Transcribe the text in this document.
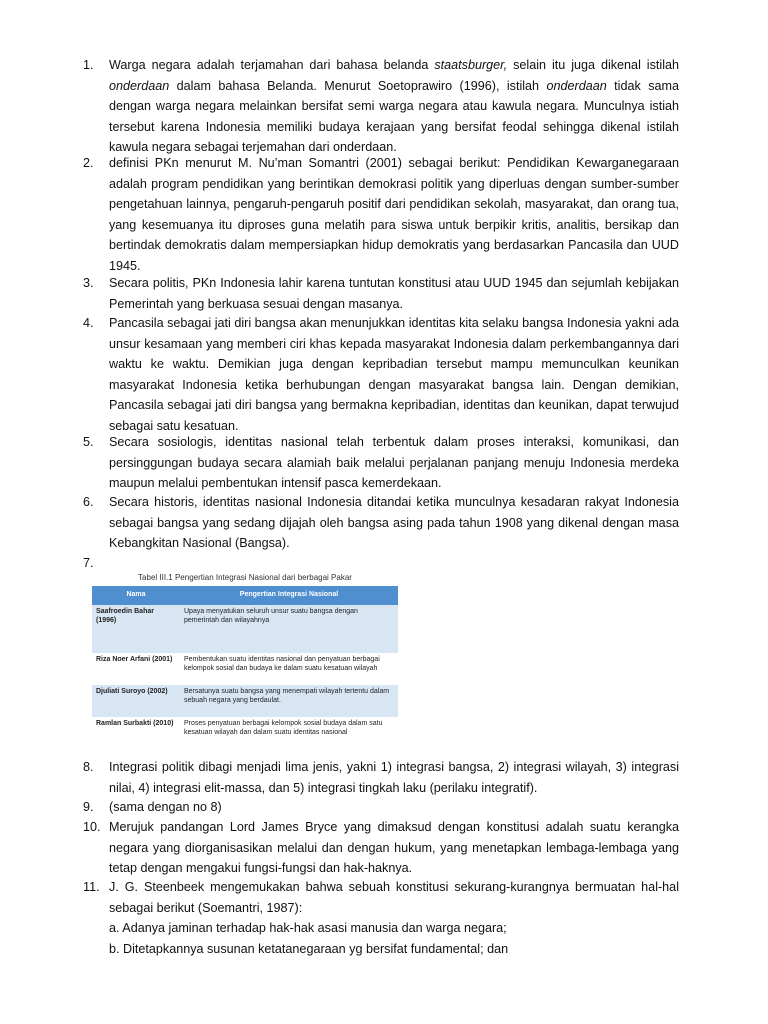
1.	Warga negara adalah terjamahan dari bahasa belanda staatsburger, selain itu juga dikenal istilah onderdaan dalam bahasa Belanda. Menurut Soetoprawiro (1996), istilah onderdaan tidak sama dengan warga negara melainkan bersifat semi warga negara atau kawula negara. Munculnya istiah tersebut karena Indonesia memiliki budaya kerajaan yang bersifat feodal sehingga dikenal istilah kawula negara sebagai terjemahan dari onderdaan.

2.	definisi PKn menurut M. Nu’man Somantri (2001) sebagai berikut: Pendidikan Kewarganegaraan adalah program pendidikan yang berintikan demokrasi politik yang diperluas dengan sumber-sumber pengetahuan lainnya, pengaruh-pengaruh positif dari pendidikan sekolah, masyarakat, dan orang tua, yang kesemuanya itu diproses guna melatih para siswa untuk berpikir kritis, analitis, bersikap dan bertindak demokratis dalam mempersiapkan hidup demokratis yang berdasarkan Pancasila dan UUD 1945.

3.	Secara politis, PKn Indonesia lahir karena tuntutan konstitusi atau UUD 1945 dan sejumlah kebijakan Pemerintah yang berkuasa sesuai dengan masanya.

4.	Pancasila sebagai jati diri bangsa akan menunjukkan identitas kita selaku bangsa Indonesia yakni ada unsur kesamaan yang memberi ciri khas kepada masyarakat Indonesia dalam perkembangannya dari waktu ke waktu. Demikian juga dengan kepribadian tersebut mampu memunculkan keunikan masyarakat Indonesia ketika berhubungan dengan masyarakat bangsa lain. Dengan demikian, Pancasila sebagai jati diri bangsa yang bermakna kepribadian, identitas dan keunikan, dapat terwujud sebagai satu kesatuan.

5.	Secara sosiologis, identitas nasional telah terbentuk dalam proses interaksi, komunikasi, dan persinggungan budaya secara alamiah baik melalui perjalanan panjang menuju Indonesia merdeka maupun melalui pembentukan intensif pasca kemerdekaan.

6.	Secara historis, identitas nasional Indonesia ditandai ketika munculnya kesadaran rakyat Indonesia sebagai bangsa yang sedang dijajah oleh bangsa asing pada tahun 1908 yang dikenal dengan masa Kebangkitan Nasional (Bangsa).

7.
Tabel III.1 Pengertian Integrasi Nasional dari berbagai Pakar
Nama	Pengertian Integrasi Nasional
Saafroedin Bahar (1996)	Upaya menyatukan seluruh unsur suatu bangsa dengan pemerintah dan wilayahnya
Riza Noer Arfani (2001)	Pembentukan suatu identitas nasional dan penyatuan berbagai kelompok sosial dan budaya ke dalam suatu kesatuan wilayah
Djuliati Suroyo (2002)	Bersatunya suatu bangsa yang menempati wilayah tertentu dalam sebuah negara yang berdaulat.
Ramlan Surbakti (2010)	Proses penyatuan berbagai kelompok sosial budaya dalam satu kesatuan wilayah dan dalam suatu identitas nasional
8.	Integrasi politik dibagi menjadi lima jenis, yakni 1) integrasi bangsa, 2) integrasi wilayah, 3) integrasi nilai, 4) integrasi elit-massa, dan 5) integrasi tingkah laku (perilaku integratif).

9.	(sama dengan no 8)

10. Merujuk pandangan Lord James Bryce yang dimaksud dengan konstitusi adalah suatu kerangka negara yang diorganisasikan melalui dan dengan hukum, yang menetapkan lembaga-lembaga yang tetap dengan mengakui fungsi-fungsi dan hak-haknya.

11. J. G. Steenbeek mengemukakan bahwa sebuah konstitusi sekurang-kurangnya bermuatan hal-hal sebagai berikut (Soemantri, 1987):

a. Adanya jaminan terhadap hak-hak asasi manusia dan warga negara;

b. Ditetapkannya susunan ketatanegaraan yg bersifat fundamental; dan
